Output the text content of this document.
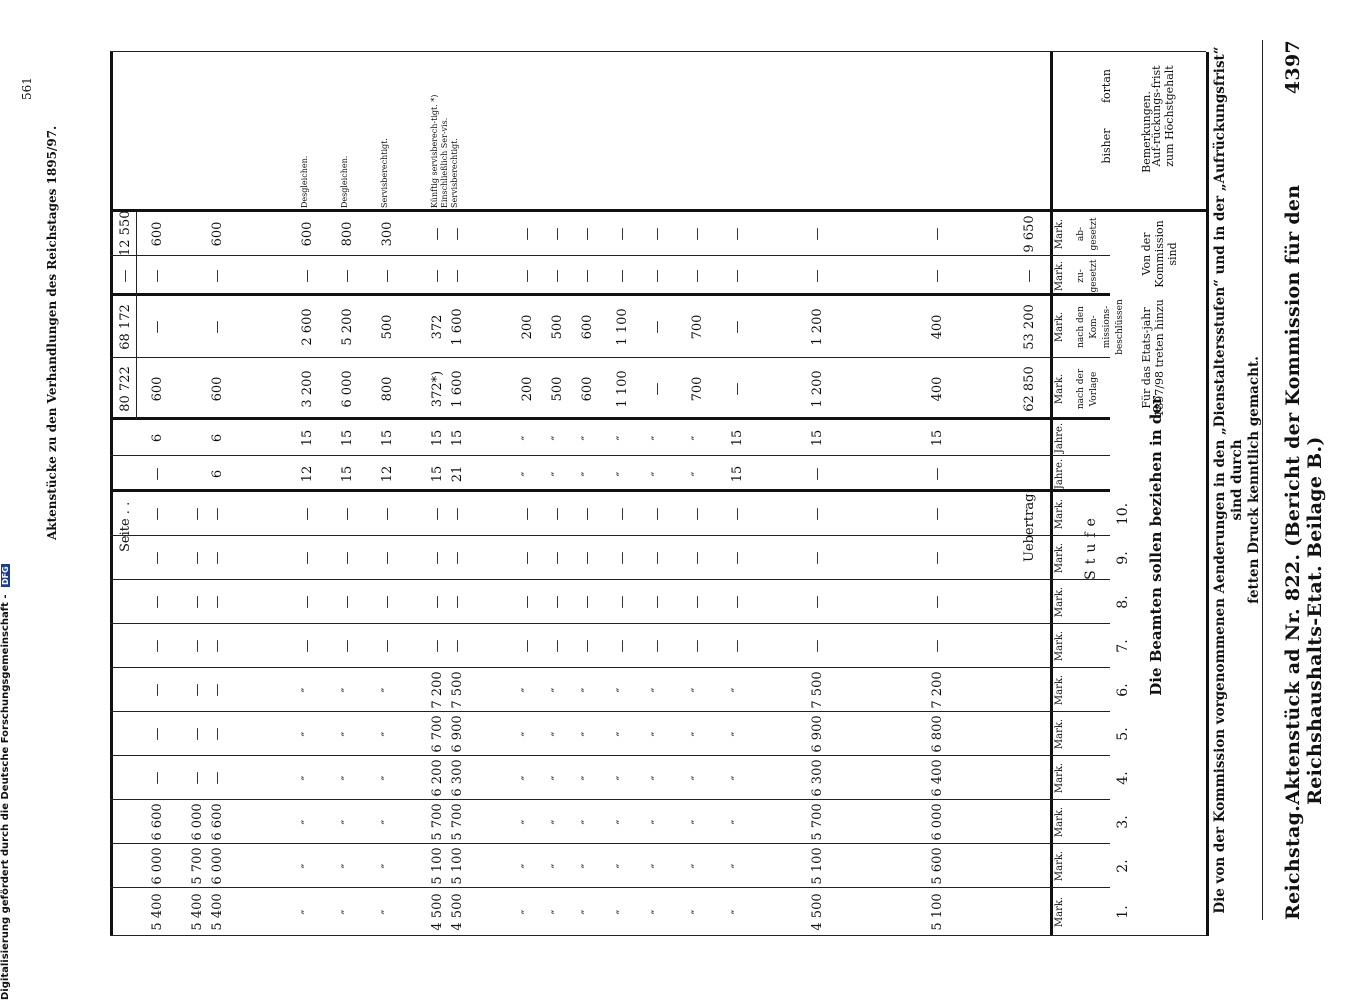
Reichstag.
Aktenstück ad Nr. 822. (Bericht der Kommission für den Reichshaushalts-Etat. Beilage B.)
4397
Die von der Kommission vorgenommenen Aenderungen in den „Dienstaltersstufen“ und in der „Aufrückungsfrist“ sind durch fetten Druck kenntlich gemacht.
Die Beamten sollen beziehen in der
Stufe
Auf-rückungs-frist zum Höchstgehalt
bisher
fortan
1.
Mark.
2.
Mark.
3.
Mark.
4.
Mark.
5.
Mark.
6.
Mark.
7.
Mark.
8.
Mark.
9.
Mark.
10.
Mark.
Jahre.
Jahre.
Mark.
Mark.
Mark.
Mark.
nach der Vorlage
nach den Kom-missions-beschlüssen
zu-gesetzt
ab-gesetzt
Für das Etats-jahr 1897/98 treten hinzu
Von der Kommission sind
Bemerkungen.
Uebertrag:
62 850
53 200
—
9 650
5 100
5 600
6 000
6 400
6 800
7 200
—
—
—
—
—
15
400
400
—
—
4 500
5 100
5 700
6 300
6 900
7 500
—
—
—
—
—
15
1 200
1 200
—
—
″
″
″
″
″
″
—
—
—
—
15
15
—
—
—
—
″
″
″
″
″
″
—
—
—
—
″
″
700
700
—
—
″
″
″
″
″
″
—
—
—
—
″
″
—
—
—
—
″
″
″
″
″
″
—
—
—
—
″
″
1 100
1 100
—
—
″
″
″
″
″
″
—
—
—
—
″
″
600
600
—
—
″
″
″
″
″
″
—
—
—
—
″
″
500
500
—
—
″
″
″
″
″
″
—
—
—
—
″
″
200
200
—
—
4 500
5 100
5 700
6 300
6 900
7 500
—
—
—
—
21
15
1 600
1 600
—
—
Servisberechtigt.
4 500
5 100
5 700
6 200
6 700
7 200
—
—
—
—
15
15
372*)
372
—
—
Künftig servisberech-tigt. *) Einschließlich Ser-vis.
″
″
″
″
″
″
—
—
—
—
12
15
800
500
—
300
Servisberechtigt.
″
″
″
″
″
″
—
—
—
—
15
15
6 000
5 200
—
800
Desgleichen.
″
″
″
″
″
″
—
—
—
—
12
15
3 200
2 600
—
600
Desgleichen.
5 400
6 000
6 600
—
—
—
—
—
—
—
6
6
600
—
—
600
5 400
5 700
6 000
—
—
—
—
—
—
—
5 400
6 000
6 600
—
—
—
—
—
—
—
—
6
600
—
—
600
Seite . .
80 722
68 172
—
12 550
Aktenstücke zu den Verhandlungen des Reichstages 1895/97.
561
Digitalisierung gefördert durch die Deutsche Forschungsgemeinschaft - DFG
